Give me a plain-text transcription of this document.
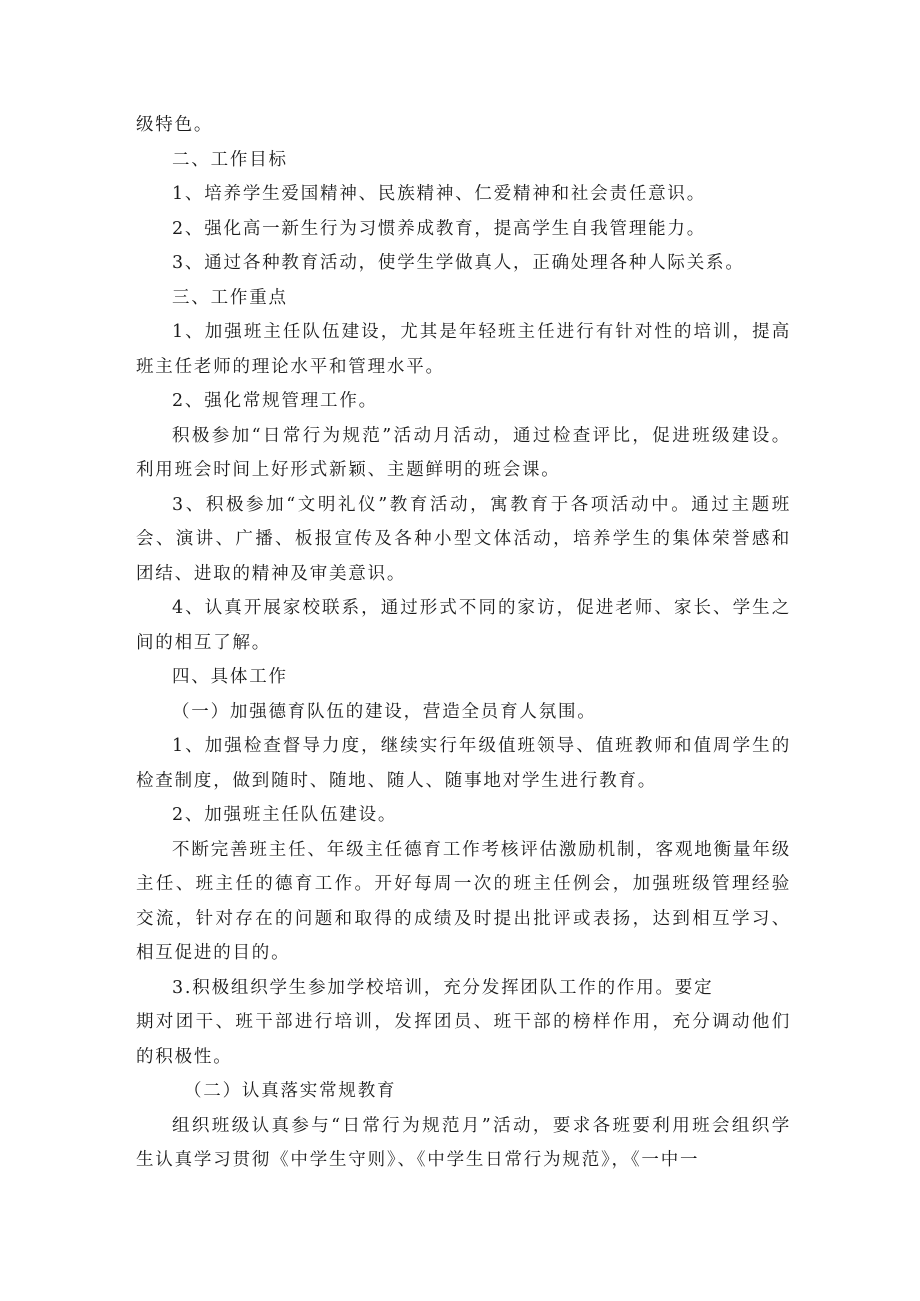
级特色。

二、工作目标

1、培养学生爱国精神、民族精神、仁爱精神和社会责任意识。

2、强化高一新生行为习惯养成教育，提高学生自我管理能力。

3、通过各种教育活动，使学生学做真人，正确处理各种人际关系。

三、工作重点

1、加强班主任队伍建设，尤其是年轻班主任进行有针对性的培训，提高班主任老师的理论水平和管理水平。

2、强化常规管理工作。

积极参加“日常行为规范”活动月活动，通过检查评比，促进班级建设。利用班会时间上好形式新颖、主题鲜明的班会课。

3、积极参加“文明礼仪”教育活动，寓教育于各项活动中。通过主题班会、演讲、广播、板报宣传及各种小型文体活动，培养学生的集体荣誉感和团结、进取的精神及审美意识。

4、认真开展家校联系，通过形式不同的家访，促进老师、家长、学生之间的相互了解。

四、具体工作

（一）加强德育队伍的建设，营造全员育人氛围。

1、加强检查督导力度，继续实行年级值班领导、值班教师和值周学生的检查制度，做到随时、随地、随人、随事地对学生进行教育。

2、加强班主任队伍建设。

不断完善班主任、年级主任德育工作考核评估激励机制，客观地衡量年级主任、班主任的德育工作。开好每周一次的班主任例会，加强班级管理经验交流，针对存在的问题和取得的成绩及时提出批评或表扬，达到相互学习、相互促进的目的。

3.积极组织学生参加学校培训，充分发挥团队工作的作用。要定

期对团干、班干部进行培训，发挥团员、班干部的榜样作用，充分调动他们的积极性。

（二）认真落实常规教育

组织班级认真参与“日常行为规范月”活动，要求各班要利用班会组织学生认真学习贯彻《中学生守则》、《中学生日常行为规范》，《一中一
